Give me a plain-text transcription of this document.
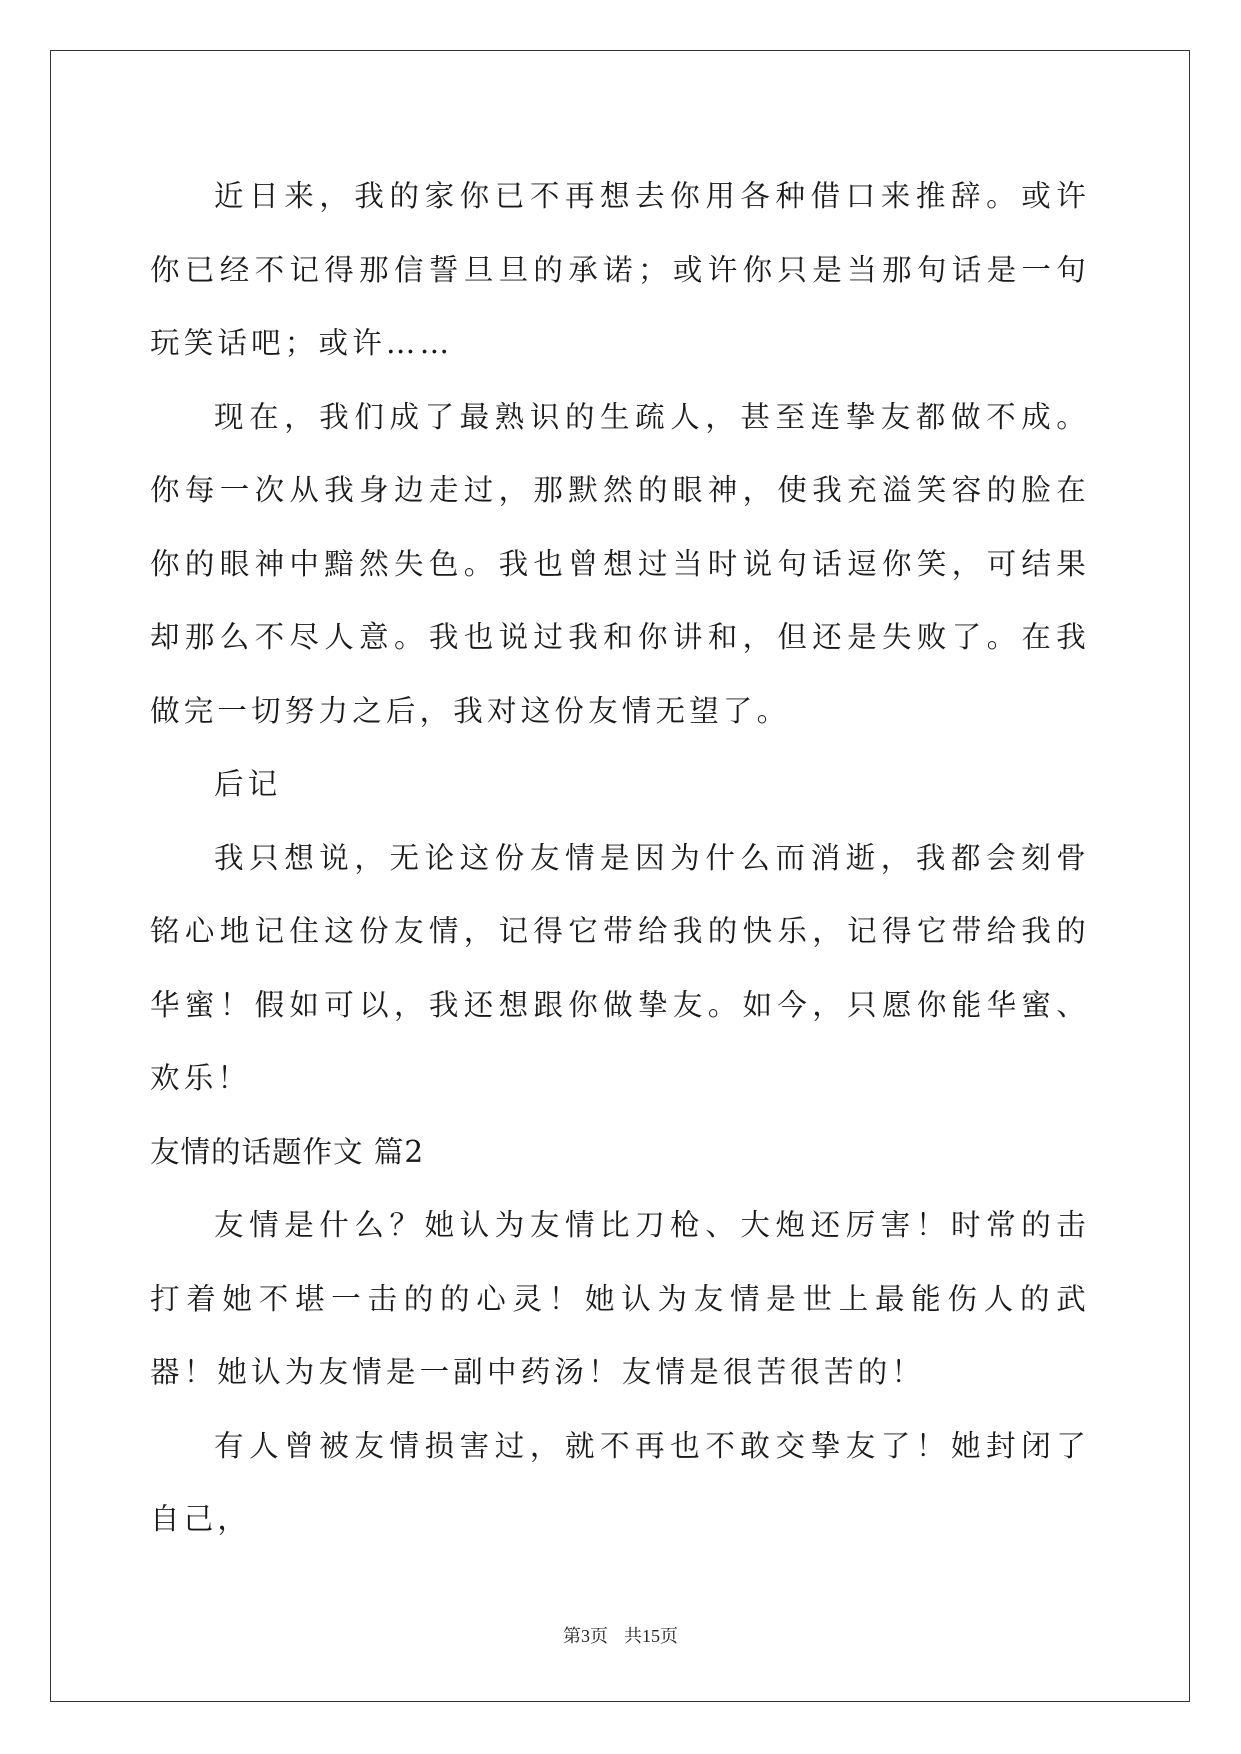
近日来，我的家你已不再想去你用各种借口来推辞。或许你已经不记得那信誓旦旦的承诺；或许你只是当那句话是一句玩笑话吧；或许……

现在，我们成了最熟识的生疏人，甚至连挚友都做不成。你每一次从我身边走过，那默然的眼神，使我充溢笑容的脸在你的眼神中黯然失色。我也曾想过当时说句话逗你笑，可结果却那么不尽人意。我也说过我和你讲和，但还是失败了。在我做完一切努力之后，我对这份友情无望了。

后记

我只想说，无论这份友情是因为什么而消逝，我都会刻骨铭心地记住这份友情，记得它带给我的快乐，记得它带给我的华蜜！假如可以，我还想跟你做挚友。如今，只愿你能华蜜、欢乐！

友情的话题作文 篇2

友情是什么？她认为友情比刀枪、大炮还厉害！时常的击打着她不堪一击的的心灵！她认为友情是世上最能伤人的武器！她认为友情是一副中药汤！友情是很苦很苦的！

有人曾被友情损害过，就不再也不敢交挚友了！她封闭了自己，

第3页 共15页
